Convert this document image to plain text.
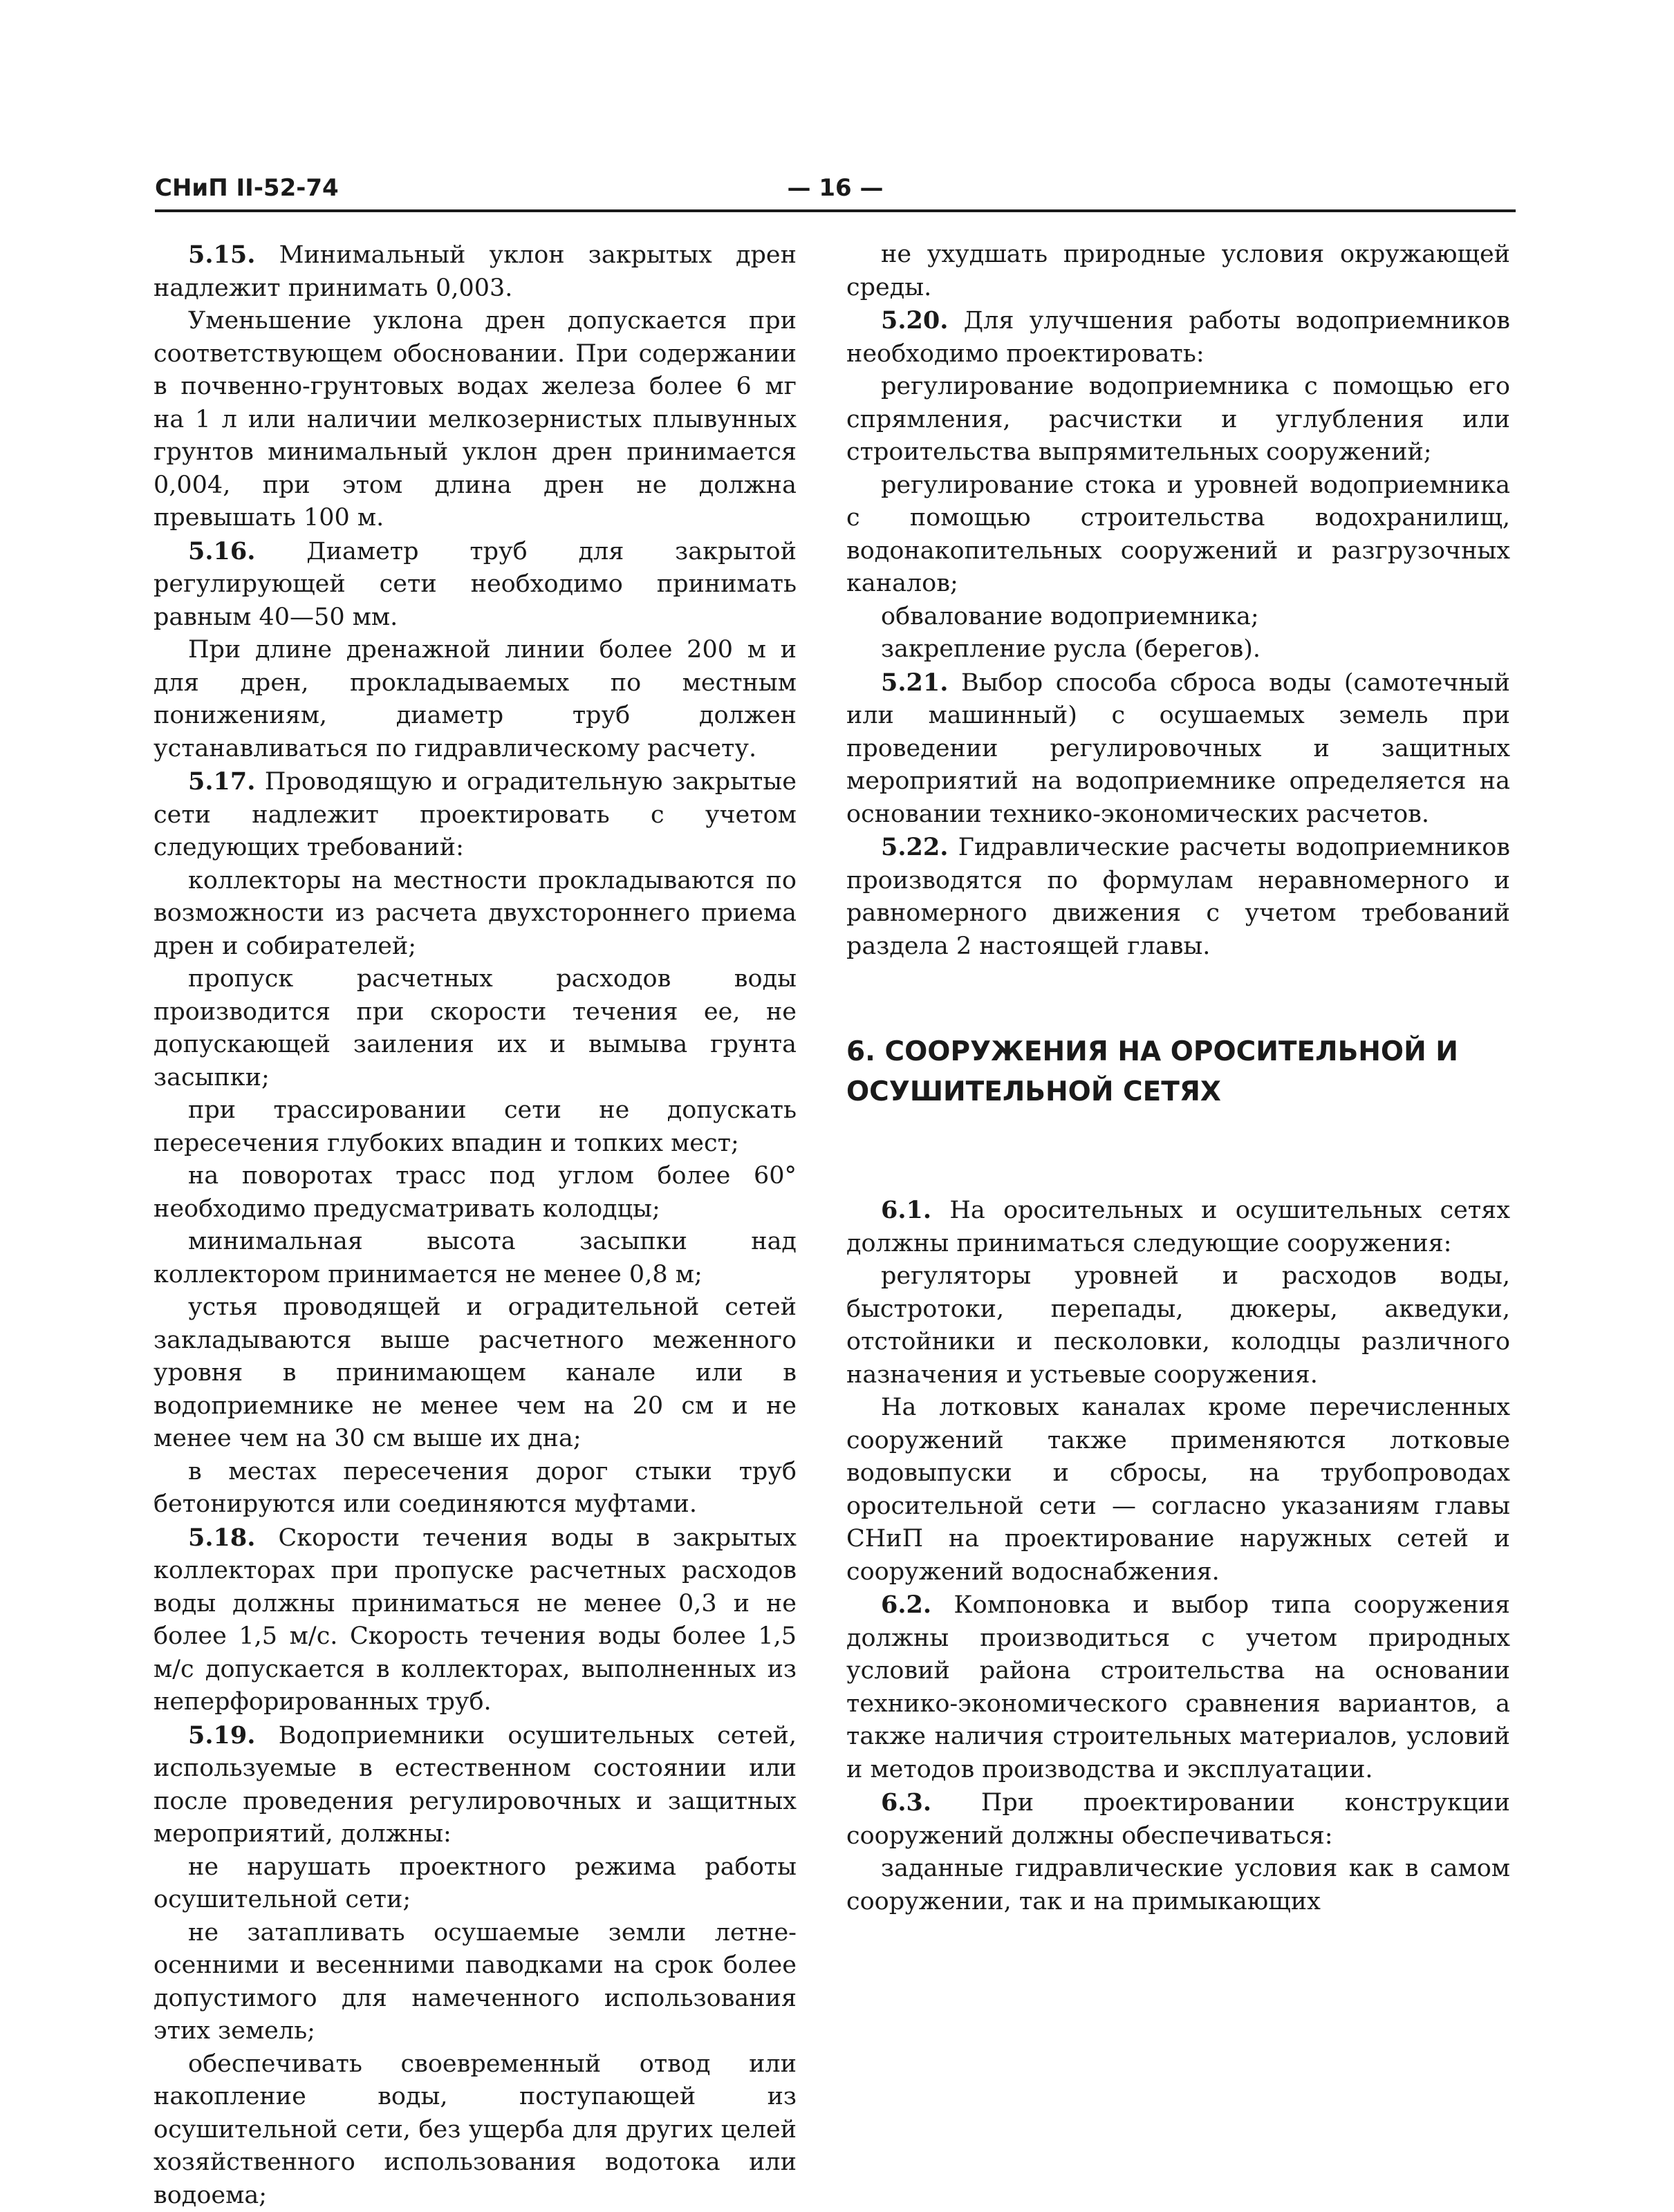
СНиП II-52-74	— 16 —

5.15. Минимальный уклон закрытых дрен надлежит принимать 0,003.

Уменьшение уклона дрен допускается при соответствующем обосновании. При содержании в почвенно-грунтовых водах железа более 6 мг на 1 л или наличии мелкозернистых плывунных грунтов минимальный уклон дрен принимается 0,004, при этом длина дрен не должна превышать 100 м.

5.16. Диаметр труб для закрытой регулирующей сети необходимо принимать равным 40—50 мм.

При длине дренажной линии более 200 м и для дрен, прокладываемых по местным понижениям, диаметр труб должен устанавливаться по гидравлическому расчету.

5.17. Проводящую и оградительную закрытые сети надлежит проектировать с учетом следующих требований:

коллекторы на местности прокладываются по возможности из расчета двухстороннего приема дрен и собирателей;

пропуск расчетных расходов воды производится при скорости течения ее, не допускающей заиления их и вымыва грунта засыпки;

при трассировании сети не допускать пересечения глубоких впадин и топких мест;

на поворотах трасс под углом более 60° необходимо предусматривать колодцы;

минимальная высота засыпки над коллектором принимается не менее 0,8 м;

устья проводящей и оградительной сетей закладываются выше расчетного меженного уровня в принимающем канале или в водоприемнике не менее чем на 20 см и не менее чем на 30 см выше их дна;

в местах пересечения дорог стыки труб бетонируются или соединяются муфтами.

5.18. Скорости течения воды в закрытых коллекторах при пропуске расчетных расходов воды должны приниматься не менее 0,3 и не более 1,5 м/с. Скорость течения воды более 1,5 м/с допускается в коллекторах, выполненных из неперфорированных труб.

5.19. Водоприемники осушительных сетей, используемые в естественном состоянии или после проведения регулировочных и защитных мероприятий, должны:

не нарушать проектного режима работы осушительной сети;

не затапливать осушаемые земли летне-осенними и весенними паводками на срок более допустимого для намеченного использования этих земель;

обеспечивать своевременный отвод или накопление воды, поступающей из осушительной сети, без ущерба для других целей хозяйственного использования водотока или водоема;

не ухудшать природные условия окружающей среды.

5.20. Для улучшения работы водоприемников необходимо проектировать:

регулирование водоприемника с помощью его спрямления, расчистки и углубления или строительства выпрямительных сооружений;

регулирование стока и уровней водоприемника с помощью строительства водохранилищ, водонакопительных сооружений и разгрузочных каналов;

обвалование водоприемника;

закрепление русла (берегов).

5.21. Выбор способа сброса воды (самотечный или машинный) с осушаемых земель при проведении регулировочных и защитных мероприятий на водоприемнике определяется на основании технико-экономических расчетов.

5.22. Гидравлические расчеты водоприемников производятся по формулам неравномерного и равномерного движения с учетом требований раздела 2 настоящей главы.

6. СООРУЖЕНИЯ НА ОРОСИТЕЛЬНОЙ И ОСУШИТЕЛЬНОЙ СЕТЯХ

6.1. На оросительных и осушительных сетях должны приниматься следующие сооружения:

регуляторы уровней и расходов воды, быстротоки, перепады, дюкеры, акведуки, отстойники и песколовки, колодцы различного назначения и устьевые сооружения.

На лотковых каналах кроме перечисленных сооружений также применяются лотковые водовыпуски и сбросы, на трубопроводах оросительной сети — согласно указаниям главы СНиП на проектирование наружных сетей и сооружений водоснабжения.

6.2. Компоновка и выбор типа сооружения должны производиться с учетом природных условий района строительства на основании технико-экономического сравнения вариантов, а также наличия строительных материалов, условий и методов производства и эксплуатации.

6.3. При проектировании конструкции сооружений должны обеспечиваться:

заданные гидравлические условия как в самом сооружении, так и на примыкающих
